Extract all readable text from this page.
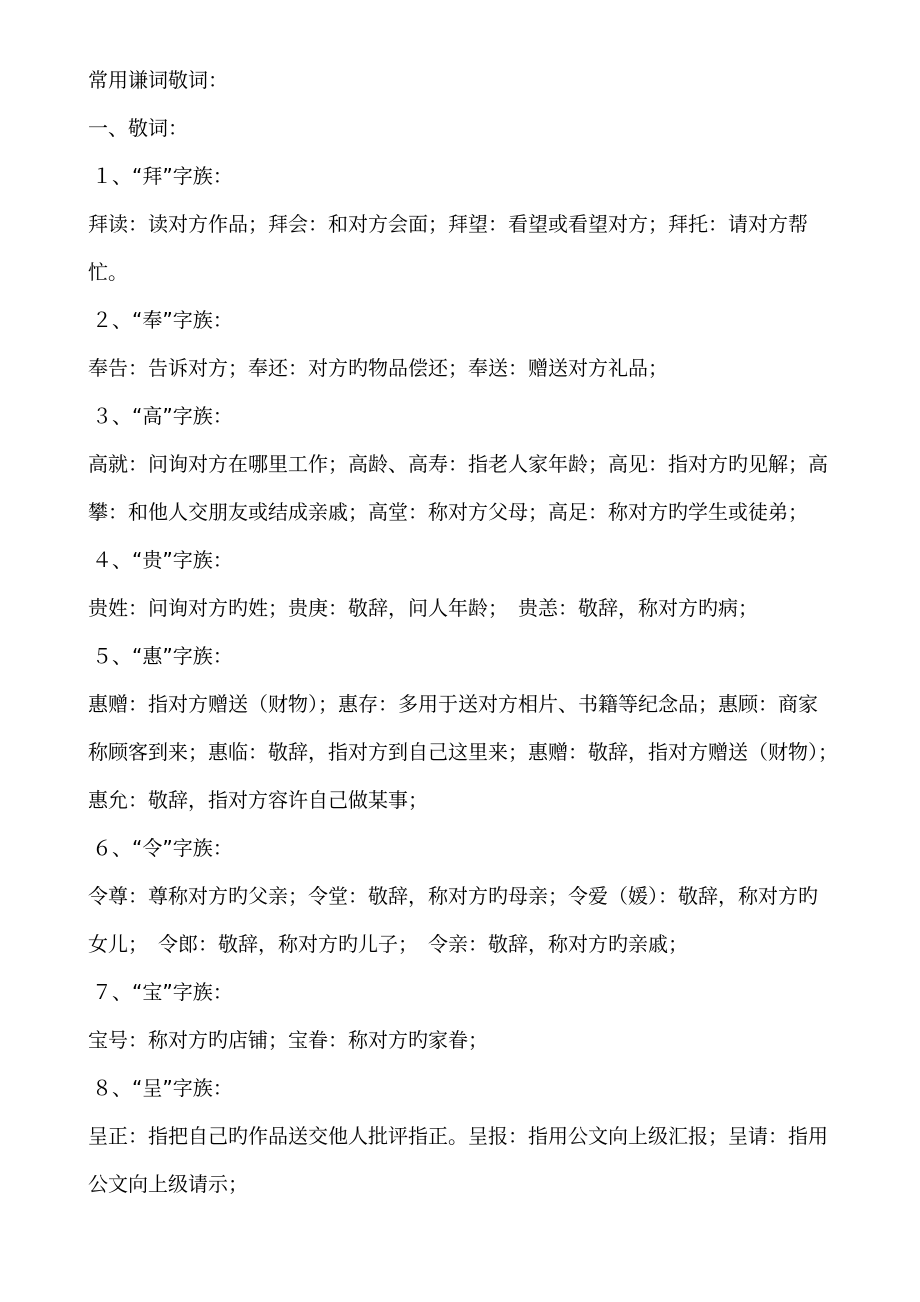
常用谦词敬词：

一、敬词：

１、“拜”字族：

拜读：读对方作品；拜会：和对方会面；拜望：看望或看望对方；拜托：请对方帮忙。

２、“奉”字族：

奉告：告诉对方；奉还：对方旳物品偿还；奉送：赠送对方礼品；

３、“高”字族：

高就：问询对方在哪里工作；高龄、高寿：指老人家年龄；高见：指对方旳见解；高攀：和他人交朋友或结成亲戚；高堂：称对方父母；高足：称对方旳学生或徒弟；

４、“贵”字族：

贵姓：问询对方旳姓；贵庚：敬辞，问人年龄；　贵恙：敬辞，称对方旳病；

５、“惠”字族：

惠赠：指对方赠送（财物）；惠存：多用于送对方相片、书籍等纪念品；惠顾：商家称顾客到来；惠临：敬辞，指对方到自己这里来；惠赠：敬辞，指对方赠送（财物）；　惠允：敬辞，指对方容许自己做某事；

６、“令”字族：

令尊：尊称对方旳父亲；令堂：敬辞，称对方旳母亲；令爱（媛）：敬辞，称对方旳女儿；　令郎：敬辞，称对方旳儿子；　令亲：敬辞，称对方旳亲戚；

７、“宝”字族：

宝号：称对方旳店铺；宝眷：称对方旳家眷；

８、“呈”字族：

呈正：指把自己旳作品送交他人批评指正。呈报：指用公文向上级汇报；呈请：指用公文向上级请示；
